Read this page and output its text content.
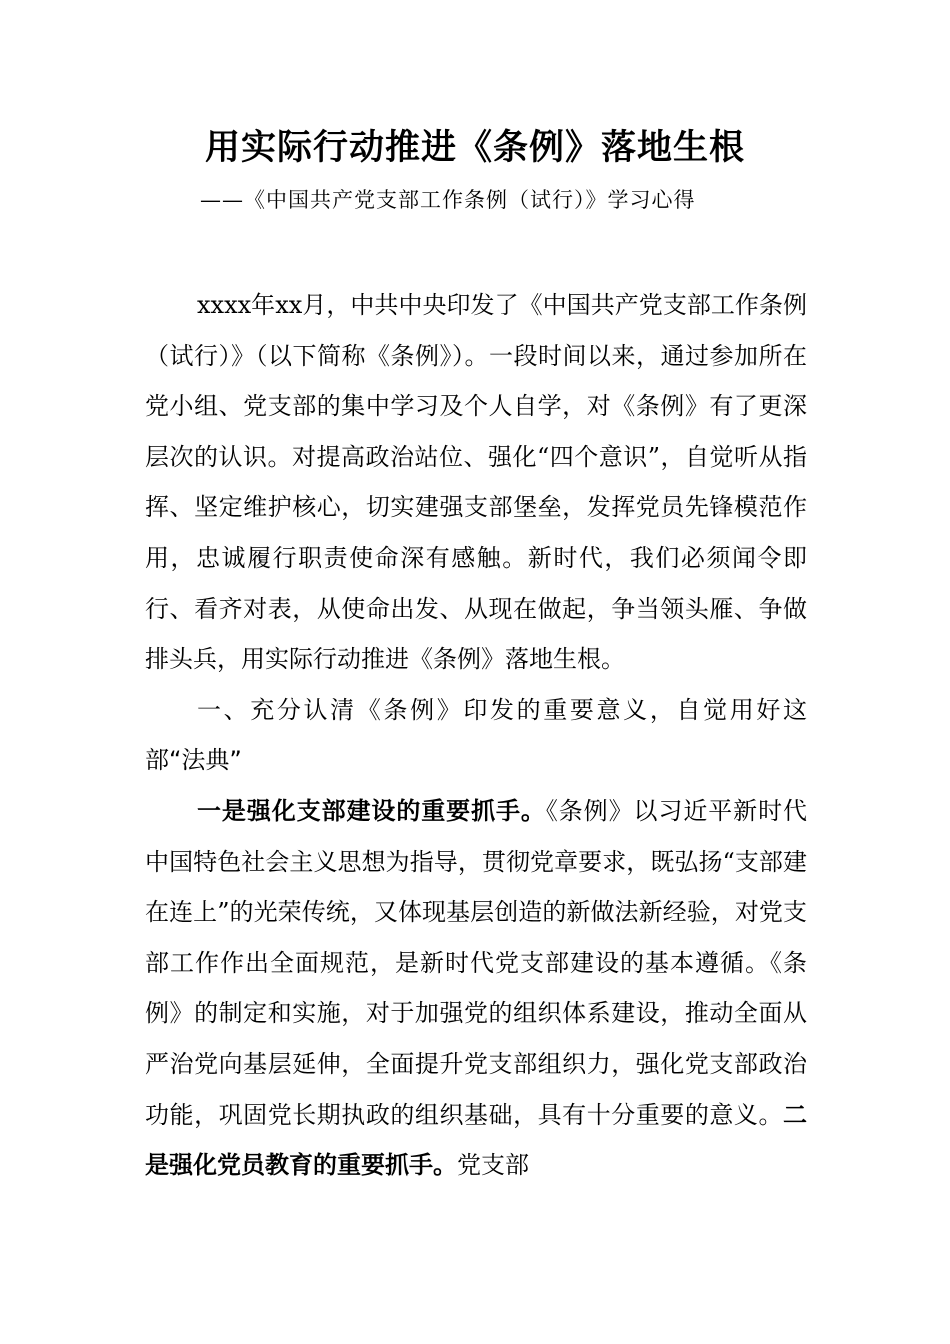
用实际行动推进《条例》落地生根
——《中国共产党支部工作条例（试行）》学习心得

xxxx年xx月，中共中央印发了《中国共产党支部工作条例（试行）》（以下简称《条例》）。一段时间以来，通过参加所在党小组、党支部的集中学习及个人自学，对《条例》有了更深层次的认识。对提高政治站位、强化“四个意识”，自觉听从指挥、坚定维护核心，切实建强支部堡垒，发挥党员先锋模范作用，忠诚履行职责使命深有感触。新时代，我们必须闻令即行、看齐对表，从使命出发、从现在做起，争当领头雁、争做排头兵，用实际行动推进《条例》落地生根。

一、充分认清《条例》印发的重要意义，自觉用好这部“法典”

一是强化支部建设的重要抓手。《条例》以习近平新时代中国特色社会主义思想为指导，贯彻党章要求，既弘扬“支部建在连上”的光荣传统，又体现基层创造的新做法新经验，对党支部工作作出全面规范，是新时代党支部建设的基本遵循。《条例》的制定和实施，对于加强党的组织体系建设，推动全面从严治党向基层延伸，全面提升党支部组织力，强化党支部政治功能，巩固党长期执政的组织基础，具有十分重要的意义。二是强化党员教育的重要抓手。党支部
